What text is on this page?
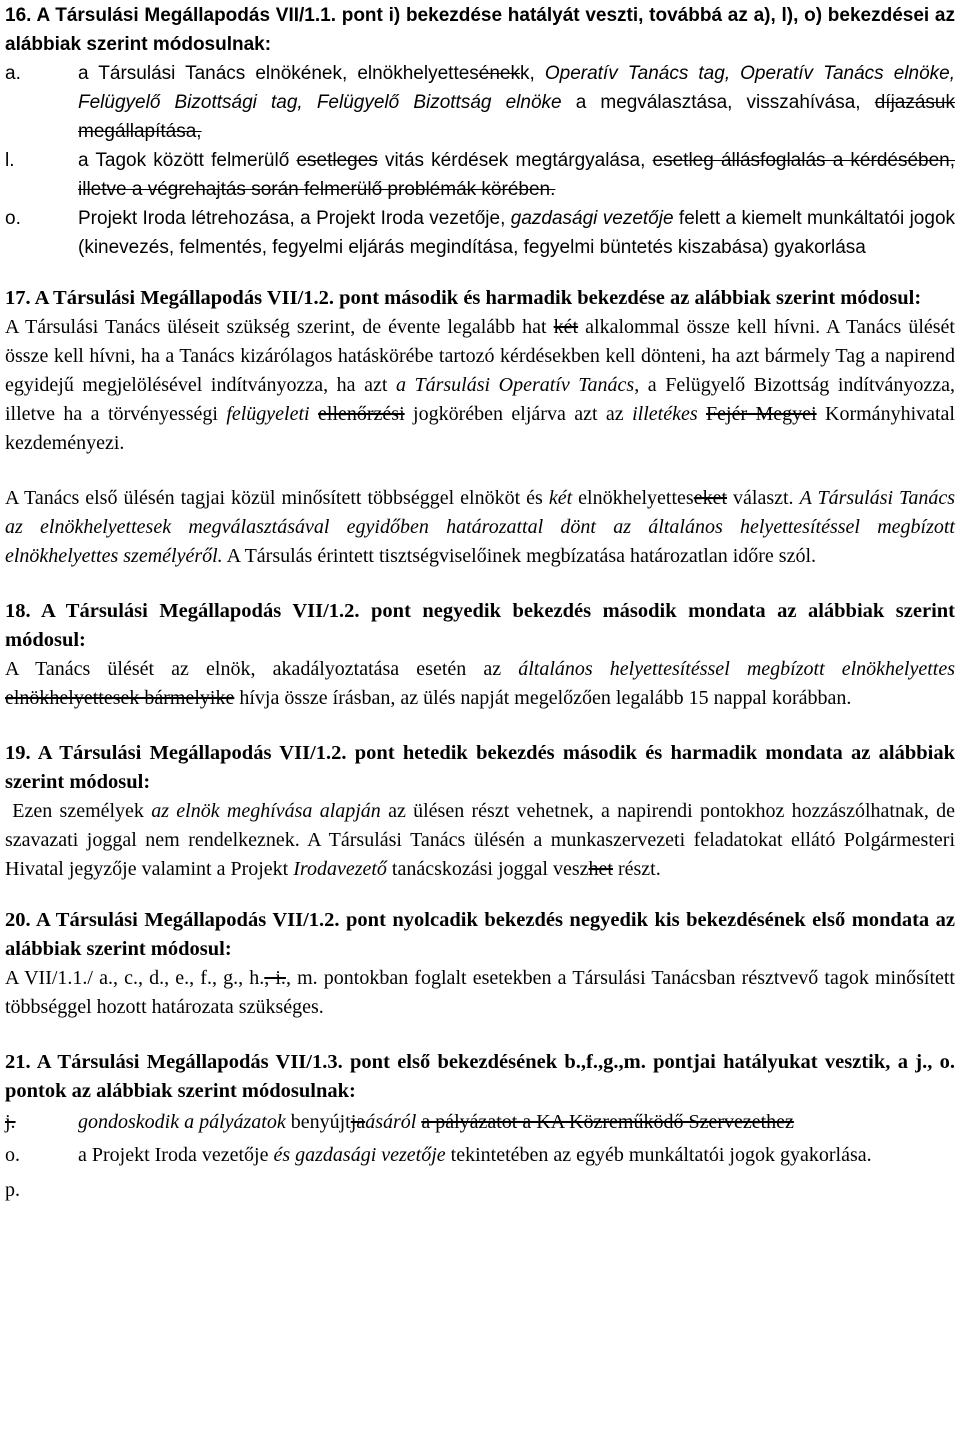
16. A Társulási Megállapodás VII/1.1. pont i) bekezdése hatályát veszti, továbbá az a), l), o) bekezdései az alábbiak szerint módosulnak:

a.	a Társulási Tanács elnökének, elnökhelyettesénekk, Operatív Tanács tag, Operatív Tanács elnöke, Felügyelő Bizottsági tag, Felügyelő Bizottság elnöke a megválasztása, visszahívása, díjazásuk megállapítása,
l.	a Tagok között felmerülő esetleges vitás kérdések megtárgyalása, esetleg állásfoglalás a kérdésében, illetve a végrehajtás során felmerülő problémák körében.
o.	Projekt Iroda létrehozása, a Projekt Iroda vezetője, gazdasági vezetője felett a kiemelt munkáltatói jogok (kinevezés, felmentés, fegyelmi eljárás megindítása, fegyelmi büntetés kiszabása) gyakorlása

17. A Társulási Megállapodás VII/1.2. pont második és harmadik bekezdése az alábbiak szerint módosul:

A Társulási Tanács üléseit szükség szerint, de évente legalább hat két alkalommal össze kell hívni. A Tanács ülését össze kell hívni, ha a Tanács kizárólagos hatáskörébe tartozó kérdésekben kell dönteni, ha azt bármely Tag a napirend egyidejű megjelölésével indítványozza, ha azt a Társulási Operatív Tanács, a Felügyelő Bizottság indítványozza, illetve ha a törvényességi felügyeleti ellenőrzési jogkörében eljárva azt az illetékes Fejér Megyei Kormányhivatal kezdeményezi.

A Tanács első ülésén tagjai közül minősített többséggel elnököt és két elnökhelyetteseket választ. A Társulási Tanács az elnökhelyettesek megválasztásával egyidőben határozattal dönt az általános helyettesítéssel megbízott elnökhelyettes személyéről. A Társulás érintett tisztségviselőinek megbízatása határozatlan időre szól.

18. A Társulási Megállapodás VII/1.2. pont negyedik bekezdés második mondata az alábbiak szerint módosul:

A Tanács ülését az elnök, akadályoztatása esetén az általános helyettesítéssel megbízott elnökhelyettes elnökhelyettesek bármelyike hívja össze írásban, az ülés napját megelőzően legalább 15 nappal korábban.

19. A Társulási Megállapodás VII/1.2. pont hetedik bekezdés második és harmadik mondata az alábbiak szerint módosul:

Ezen személyek az elnök meghívása alapján az ülésen részt vehetnek, a napirendi pontokhoz hozzászólhatnak, de szavazati joggal nem rendelkeznek. A Társulási Tanács ülésén a munkaszervezeti feladatokat ellátó Polgármesteri Hivatal jegyzője valamint a Projekt Irodavezető tanácskozási joggal veszhet részt.

20. A Társulási Megállapodás VII/1.2. pont nyolcadik bekezdés negyedik kis bekezdésének első mondata az alábbiak szerint módosul:

A VII/1.1./ a., c., d., e., f., g., h., i., m. pontokban foglalt esetekben a Társulási Tanácsban résztvevő tagok minősített többséggel hozott határozata szükséges.

21. A Társulási Megállapodás VII/1.3. pont első bekezdésének b.,f.,g.,m. pontjai hatályukat vesztik, a j., o. pontok az alábbiak szerint módosulnak:

j.	gondoskodik a pályázatok benyújtjaásáról a pályázatot a KA Közreműködő Szervezethez
o.	a Projekt Iroda vezetője és gazdasági vezetője tekintetében az egyéb munkáltatói jogok gyakorlása.
p.
